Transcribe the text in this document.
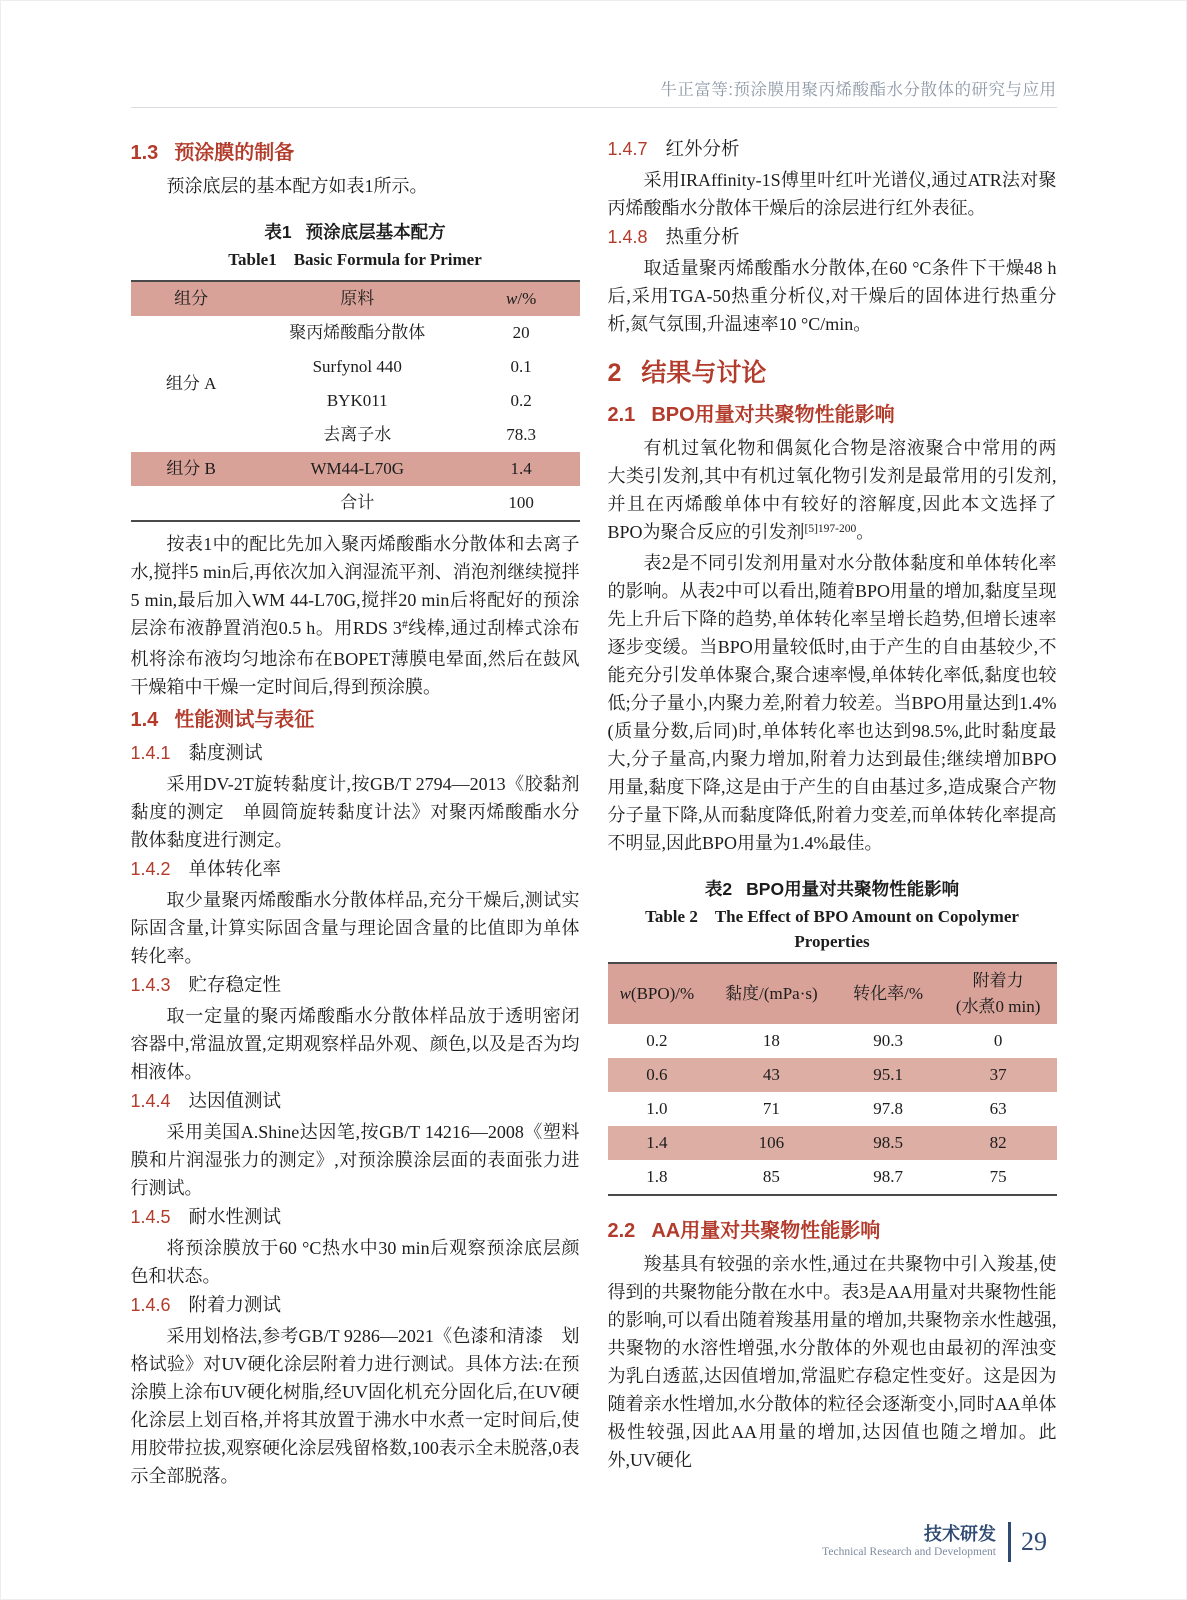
牛正富等:预涂膜用聚丙烯酸酯水分散体的研究与应用
1.3 预涂膜的制备

预涂底层的基本配方如表1所示。

表1 预涂底层基本配方
Table1　Basic Formula for Primer
组分	原料	w/%
组分 A	聚丙烯酸酯分散体	20
	Surfynol 440	0.1
	BYK011	0.2
	去离子水	78.3
组分 B	WM44-L70G	1.4
	合计	100

按表1中的配比先加入聚丙烯酸酯水分散体和去离子水,搅拌5 min后,再依次加入润湿流平剂、消泡剂继续搅拌5 min,最后加入WM 44-L70G,搅拌20 min后将配好的预涂层涂布液静置消泡0.5 h。用RDS 3#线棒,通过刮棒式涂布机将涂布液均匀地涂布在BOPET薄膜电晕面,然后在鼓风干燥箱中干燥一定时间后,得到预涂膜。

1.4 性能测试与表征
1.4.1 黏度测试

采用DV-2T旋转黏度计,按GB/T 2794—2013《胶黏剂黏度的测定　单圆筒旋转黏度计法》对聚丙烯酸酯水分散体黏度进行测定。

1.4.2 单体转化率

取少量聚丙烯酸酯水分散体样品,充分干燥后,测试实际固含量,计算实际固含量与理论固含量的比值即为单体转化率。

1.4.3 贮存稳定性

取一定量的聚丙烯酸酯水分散体样品放于透明密闭容器中,常温放置,定期观察样品外观、颜色,以及是否为均相液体。

1.4.4 达因值测试

采用美国A.Shine达因笔,按GB/T 14216—2008《塑料　膜和片润湿张力的测定》,对预涂膜涂层面的表面张力进行测试。

1.4.5 耐水性测试

将预涂膜放于60 °C热水中30 min后观察预涂底层颜色和状态。

1.4.6 附着力测试

采用划格法,参考GB/T 9286—2021《色漆和清漆　划格试验》对UV硬化涂层附着力进行测试。具体方法:在预涂膜上涂布UV硬化树脂,经UV固化机充分固化后,在UV硬化涂层上划百格,并将其放置于沸水中水煮一定时间后,使用胶带拉拔,观察硬化涂层残留格数,100表示全未脱落,0表示全部脱落。

1.4.7 红外分析

采用IRAffinity-1S傅里叶红叶光谱仪,通过ATR法对聚丙烯酸酯水分散体干燥后的涂层进行红外表征。

1.4.8 热重分析

取适量聚丙烯酸酯水分散体,在60 °C条件下干燥48 h后,采用TGA-50热重分析仪,对干燥后的固体进行热重分析,氮气氛围,升温速率10 °C/min。

2 结果与讨论
2.1 BPO用量对共聚物性能影响

有机过氧化物和偶氮化合物是溶液聚合中常用的两大类引发剂,其中有机过氧化物引发剂是最常用的引发剂,并且在丙烯酸单体中有较好的溶解度,因此本文选择了BPO为聚合反应的引发剂$^{[5]197-200}$。

表2是不同引发剂用量对水分散体黏度和单体转化率的影响。从表2中可以看出,随着BPO用量的增加,黏度呈现先上升后下降的趋势,单体转化率呈增长趋势,但增长速率逐步变缓。当BPO用量较低时,由于产生的自由基较少,不能充分引发单体聚合,聚合速率慢,单体转化率低,黏度也较低;分子量小,内聚力差,附着力较差。当BPO用量达到1.4%(质量分数,后同)时,单体转化率也达到98.5%,此时黏度最大,分子量高,内聚力增加,附着力达到最佳;继续增加BPO用量,黏度下降,这是由于产生的自由基过多,造成聚合产物分子量下降,从而黏度降低,附着力变差,而单体转化率提高不明显,因此BPO用量为1.4%最佳。

表2 BPO用量对共聚物性能影响
Table 2　The Effect of BPO Amount on Copolymer Properties
w(BPO)/%	黏度/(mPa·s)	转化率/%	附着力
(水煮0 min)

0.2	18	90.3	0
0.6	43	95.1	37
1.0	71	97.8	63
1.4	106	98.5	82
1.8	85	98.7	75
2.2 AA用量对共聚物性能影响

羧基具有较强的亲水性,通过在共聚物中引入羧基,使得到的共聚物能分散在水中。表3是AA用量对共聚物性能的影响,可以看出随着羧基用量的增加,共聚物亲水性越强,共聚物的水溶性增强,水分散体的外观也由最初的浑浊变为乳白透蓝,达因值增加,常温贮存稳定性变好。这是因为随着亲水性增加,水分散体的粒径会逐渐变小,同时AA单体极性较强,因此AA用量的增加,达因值也随之增加。此外,UV硬化

技术研发
Technical Research and Development 29
